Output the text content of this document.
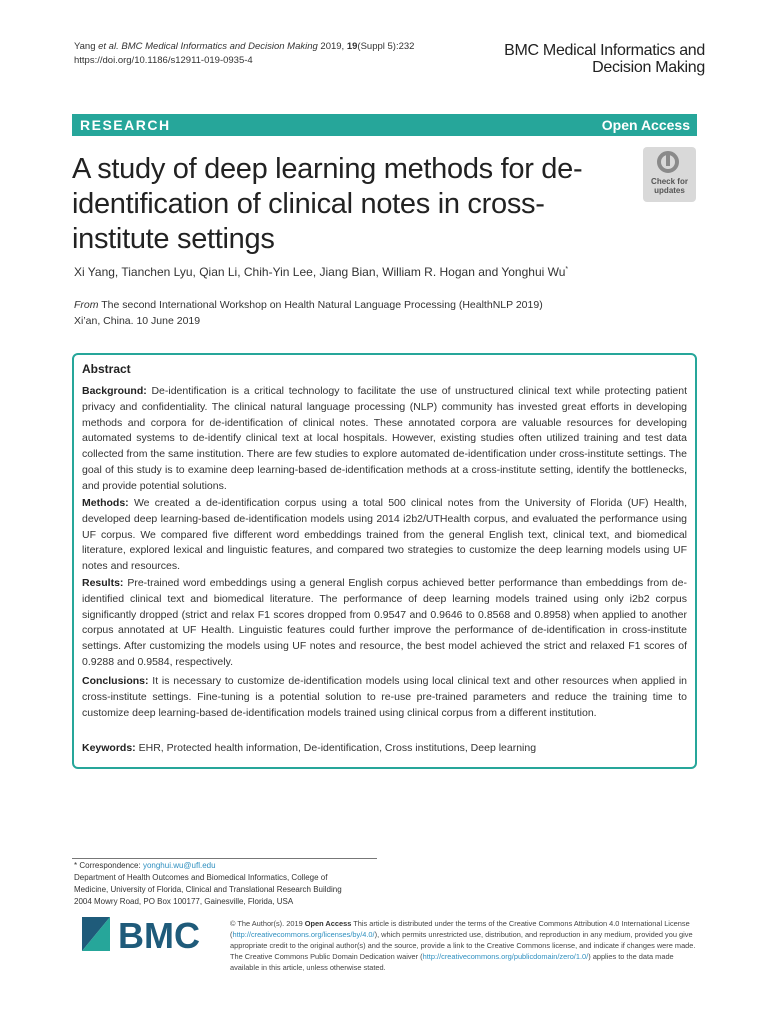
Yang et al. BMC Medical Informatics and Decision Making 2019, 19(Suppl 5):232
https://doi.org/10.1186/s12911-019-0935-4
BMC Medical Informatics and
Decision Making
RESEARCH	Open Access
A study of deep learning methods for de-identification of clinical notes in cross-institute settings
Check for
updates
Xi Yang, Tianchen Lyu, Qian Li, Chih-Yin Lee, Jiang Bian, William R. Hogan and Yonghui Wu*
From The second International Workshop on Health Natural Language Processing (HealthNLP 2019)
Xi’an, China. 10 June 2019
Abstract
Background: De-identification is a critical technology to facilitate the use of unstructured clinical text while protecting patient privacy and confidentiality. The clinical natural language processing (NLP) community has invested great efforts in developing methods and corpora for de-identification of clinical notes. These annotated corpora are valuable resources for developing automated systems to de-identify clinical text at local hospitals. However, existing studies often utilized training and test data collected from the same institution. There are few studies to explore automated de-identification under cross-institute settings. The goal of this study is to examine deep learning-based de-identification methods at a cross-institute setting, identify the bottlenecks, and provide potential solutions.
Methods: We created a de-identification corpus using a total 500 clinical notes from the University of Florida (UF) Health, developed deep learning-based de-identification models using 2014 i2b2/UTHealth corpus, and evaluated the performance using UF corpus. We compared five different word embeddings trained from the general English text, clinical text, and biomedical literature, explored lexical and linguistic features, and compared two strategies to customize the deep learning models using UF notes and resources.
Results: Pre-trained word embeddings using a general English corpus achieved better performance than embeddings from de-identified clinical text and biomedical literature. The performance of deep learning models trained using only i2b2 corpus significantly dropped (strict and relax F1 scores dropped from 0.9547 and 0.9646 to 0.8568 and 0.8958) when applied to another corpus annotated at UF Health. Linguistic features could further improve the performance of de-identification in cross-institute settings. After customizing the models using UF notes and resource, the best model achieved the strict and relaxed F1 scores of 0.9288 and 0.9584, respectively.
Conclusions: It is necessary to customize de-identification models using local clinical text and other resources when applied in cross-institute settings. Fine-tuning is a potential solution to re-use pre-trained parameters and reduce the training time to customize deep learning-based de-identification models trained using clinical corpus from a different institution.
Keywords: EHR, Protected health information, De-identification, Cross institutions, Deep learning
* Correspondence: yonghui.wu@ufl.edu
Department of Health Outcomes and Biomedical Informatics, College of
Medicine, University of Florida, Clinical and Translational Research Building
2004 Mowry Road, PO Box 100177, Gainesville, Florida, USA
BMC	© The Author(s). 2019 Open Access This article is distributed under the terms of the Creative Commons Attribution 4.0 International License (http://creativecommons.org/licenses/by/4.0/), which permits unrestricted use, distribution, and reproduction in any medium, provided you give appropriate credit to the original author(s) and the source, provide a link to the Creative Commons license, and indicate if changes were made. The Creative Commons Public Domain Dedication waiver (http://creativecommons.org/publicdomain/zero/1.0/) applies to the data made available in this article, unless otherwise stated.
